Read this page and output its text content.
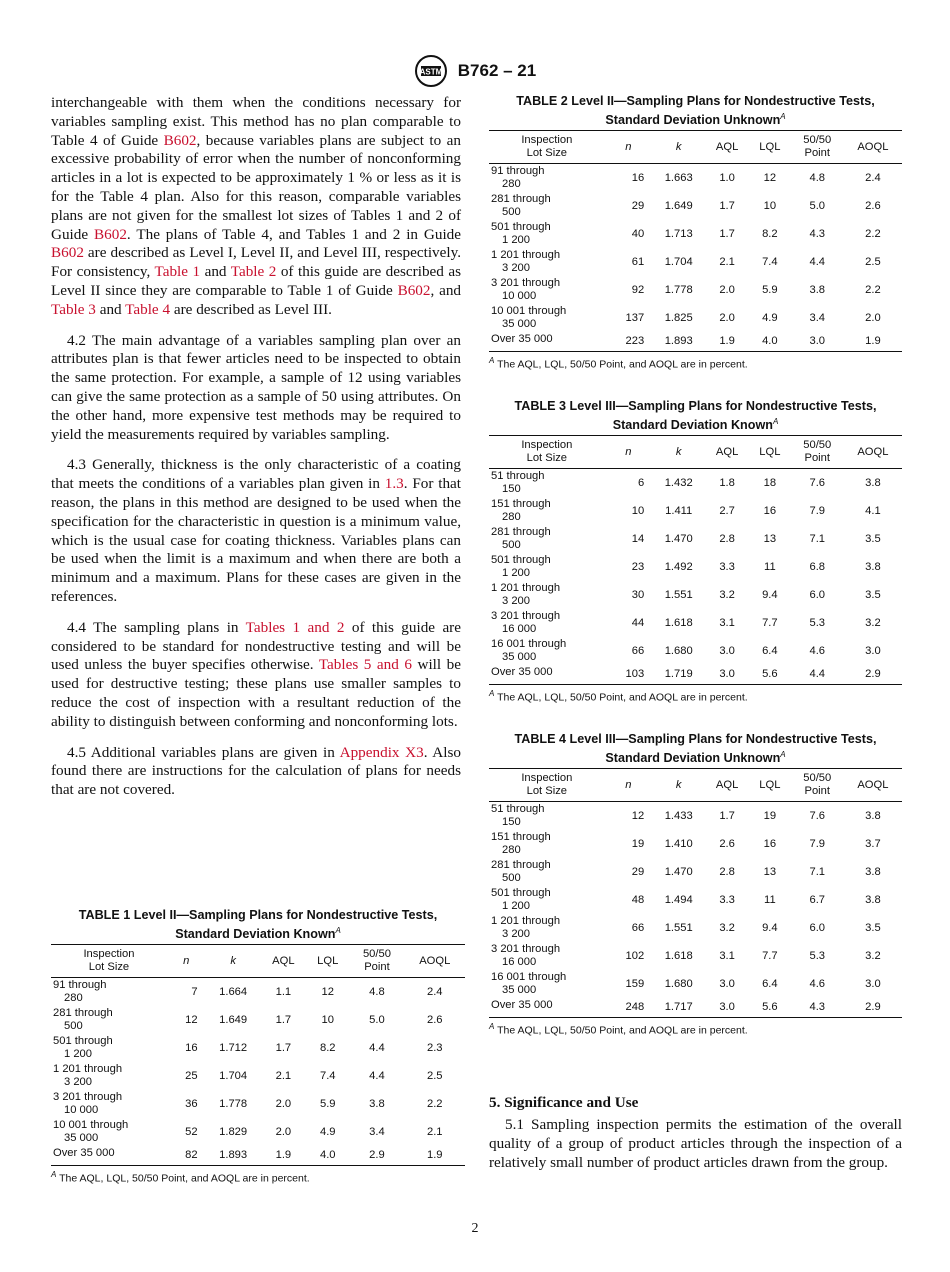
ASTM B762 – 21

interchangeable with them when the conditions necessary for variables sampling exist. This method has no plan comparable to Table 4 of Guide B602, because variables plans are subject to an excessive probability of error when the number of nonconforming articles in a lot is expected to be approximately 1 % or less as it is for the Table 4 plan. Also for this reason, comparable variables plans are not given for the smallest lot sizes of Tables 1 and 2 of Guide B602. The plans of Table 4, and Tables 1 and 2 in Guide B602 are described as Level I, Level II, and Level III, respectively. For consistency, Table 1 and Table 2 of this guide are described as Level II since they are comparable to Table 1 of Guide B602, and Table 3 and Table 4 are described as Level III.

4.2 The main advantage of a variables sampling plan over an attributes plan is that fewer articles need to be inspected to obtain the same protection. For example, a sample of 12 using variables can give the same protection as a sample of 50 using attributes. On the other hand, more expensive test methods may be required to yield the measurements required by variables sampling.

4.3 Generally, thickness is the only characteristic of a coating that meets the conditions of a variables plan given in 1.3. For that reason, the plans in this method are designed to be used when the specification for the characteristic in question is a minimum value, which is the usual case for coating thickness. Variables plans can be used when the limit is a maximum and when there are both a minimum and a maximum. Plans for these cases are given in the references.

4.4 The sampling plans in Tables 1 and 2 of this guide are considered to be standard for nondestructive testing and will be used unless the buyer specifies otherwise. Tables 5 and 6 will be used for destructive testing; these plans use smaller samples to reduce the cost of inspection with a resultant reduction of the ability to distinguish between conforming and nonconforming lots.

4.5 Additional variables plans are given in Appendix X3. Also found there are instructions for the calculation of plans for needs that are not covered.

TABLE 1 Level II—Sampling Plans for Nondestructive Tests,
Standard Deviation Known$^A$
Inspection
Lot Size	n	k	AQL	LQL	50/50
Point	AOQL

91 through
280	7	1.664	1.1	12	4.8	2.4

281 through
500	12	1.649	1.7	10	5.0	2.6

501 through
1 200	16	1.712	1.7	8.2	4.4	2.3

1 201 through
3 200	25	1.704	2.1	7.4	4.4	2.5

3 201 through
10 000	36	1.778	2.0	5.9	3.8	2.2

10 001 through
35 000	52	1.829	2.0	4.9	3.4	2.1

Over 35 000	82	1.893	1.9	4.0	2.9	1.9
$^A$ The AQL, LQL, 50/50 Point, and AOQL are in percent.
TABLE 2 Level II—Sampling Plans for Nondestructive Tests,
Standard Deviation Unknown$^A$
Inspection
Lot Size	n	k	AQL	LQL	50/50
Point	AOQL

91 through
280	16	1.663	1.0	12	4.8	2.4

281 through
500	29	1.649	1.7	10	5.0	2.6

501 through
1 200	40	1.713	1.7	8.2	4.3	2.2

1 201 through
3 200	61	1.704	2.1	7.4	4.4	2.5

3 201 through
10 000	92	1.778	2.0	5.9	3.8	2.2

10 001 through
35 000	137	1.825	2.0	4.9	3.4	2.0

Over 35 000	223	1.893	1.9	4.0	3.0	1.9
$^A$ The AQL, LQL, 50/50 Point, and AOQL are in percent.
TABLE 3 Level III—Sampling Plans for Nondestructive Tests,
Standard Deviation Known$^A$
Inspection
Lot Size	n	k	AQL	LQL	50/50
Point	AOQL

51 through
150	6	1.432	1.8	18	7.6	3.8

151 through
280	10	1.411	2.7	16	7.9	4.1

281 through
500	14	1.470	2.8	13	7.1	3.5

501 through
1 200	23	1.492	3.3	11	6.8	3.8

1 201 through
3 200	30	1.551	3.2	9.4	6.0	3.5

3 201 through
16 000	44	1.618	3.1	7.7	5.3	3.2

16 001 through
35 000	66	1.680	3.0	6.4	4.6	3.0

Over 35 000	103	1.719	3.0	5.6	4.4	2.9
$^A$ The AQL, LQL, 50/50 Point, and AOQL are in percent.
TABLE 4 Level III—Sampling Plans for Nondestructive Tests,
Standard Deviation Unknown$^A$
Inspection
Lot Size	n	k	AQL	LQL	50/50
Point	AOQL

51 through
150	12	1.433	1.7	19	7.6	3.8

151 through
280	19	1.410	2.6	16	7.9	3.7

281 through
500	29	1.470	2.8	13	7.1	3.8

501 through
1 200	48	1.494	3.3	11	6.7	3.8

1 201 through
3 200	66	1.551	3.2	9.4	6.0	3.5

3 201 through
16 000	102	1.618	3.1	7.7	5.3	3.2

16 001 through
35 000	159	1.680	3.0	6.4	4.6	3.0

Over 35 000	248	1.717	3.0	5.6	4.3	2.9
$^A$ The AQL, LQL, 50/50 Point, and AOQL are in percent.
5. Significance and Use

5.1 Sampling inspection permits the estimation of the overall quality of a group of product articles through the inspection of a relatively small number of product articles drawn from the group.

2
